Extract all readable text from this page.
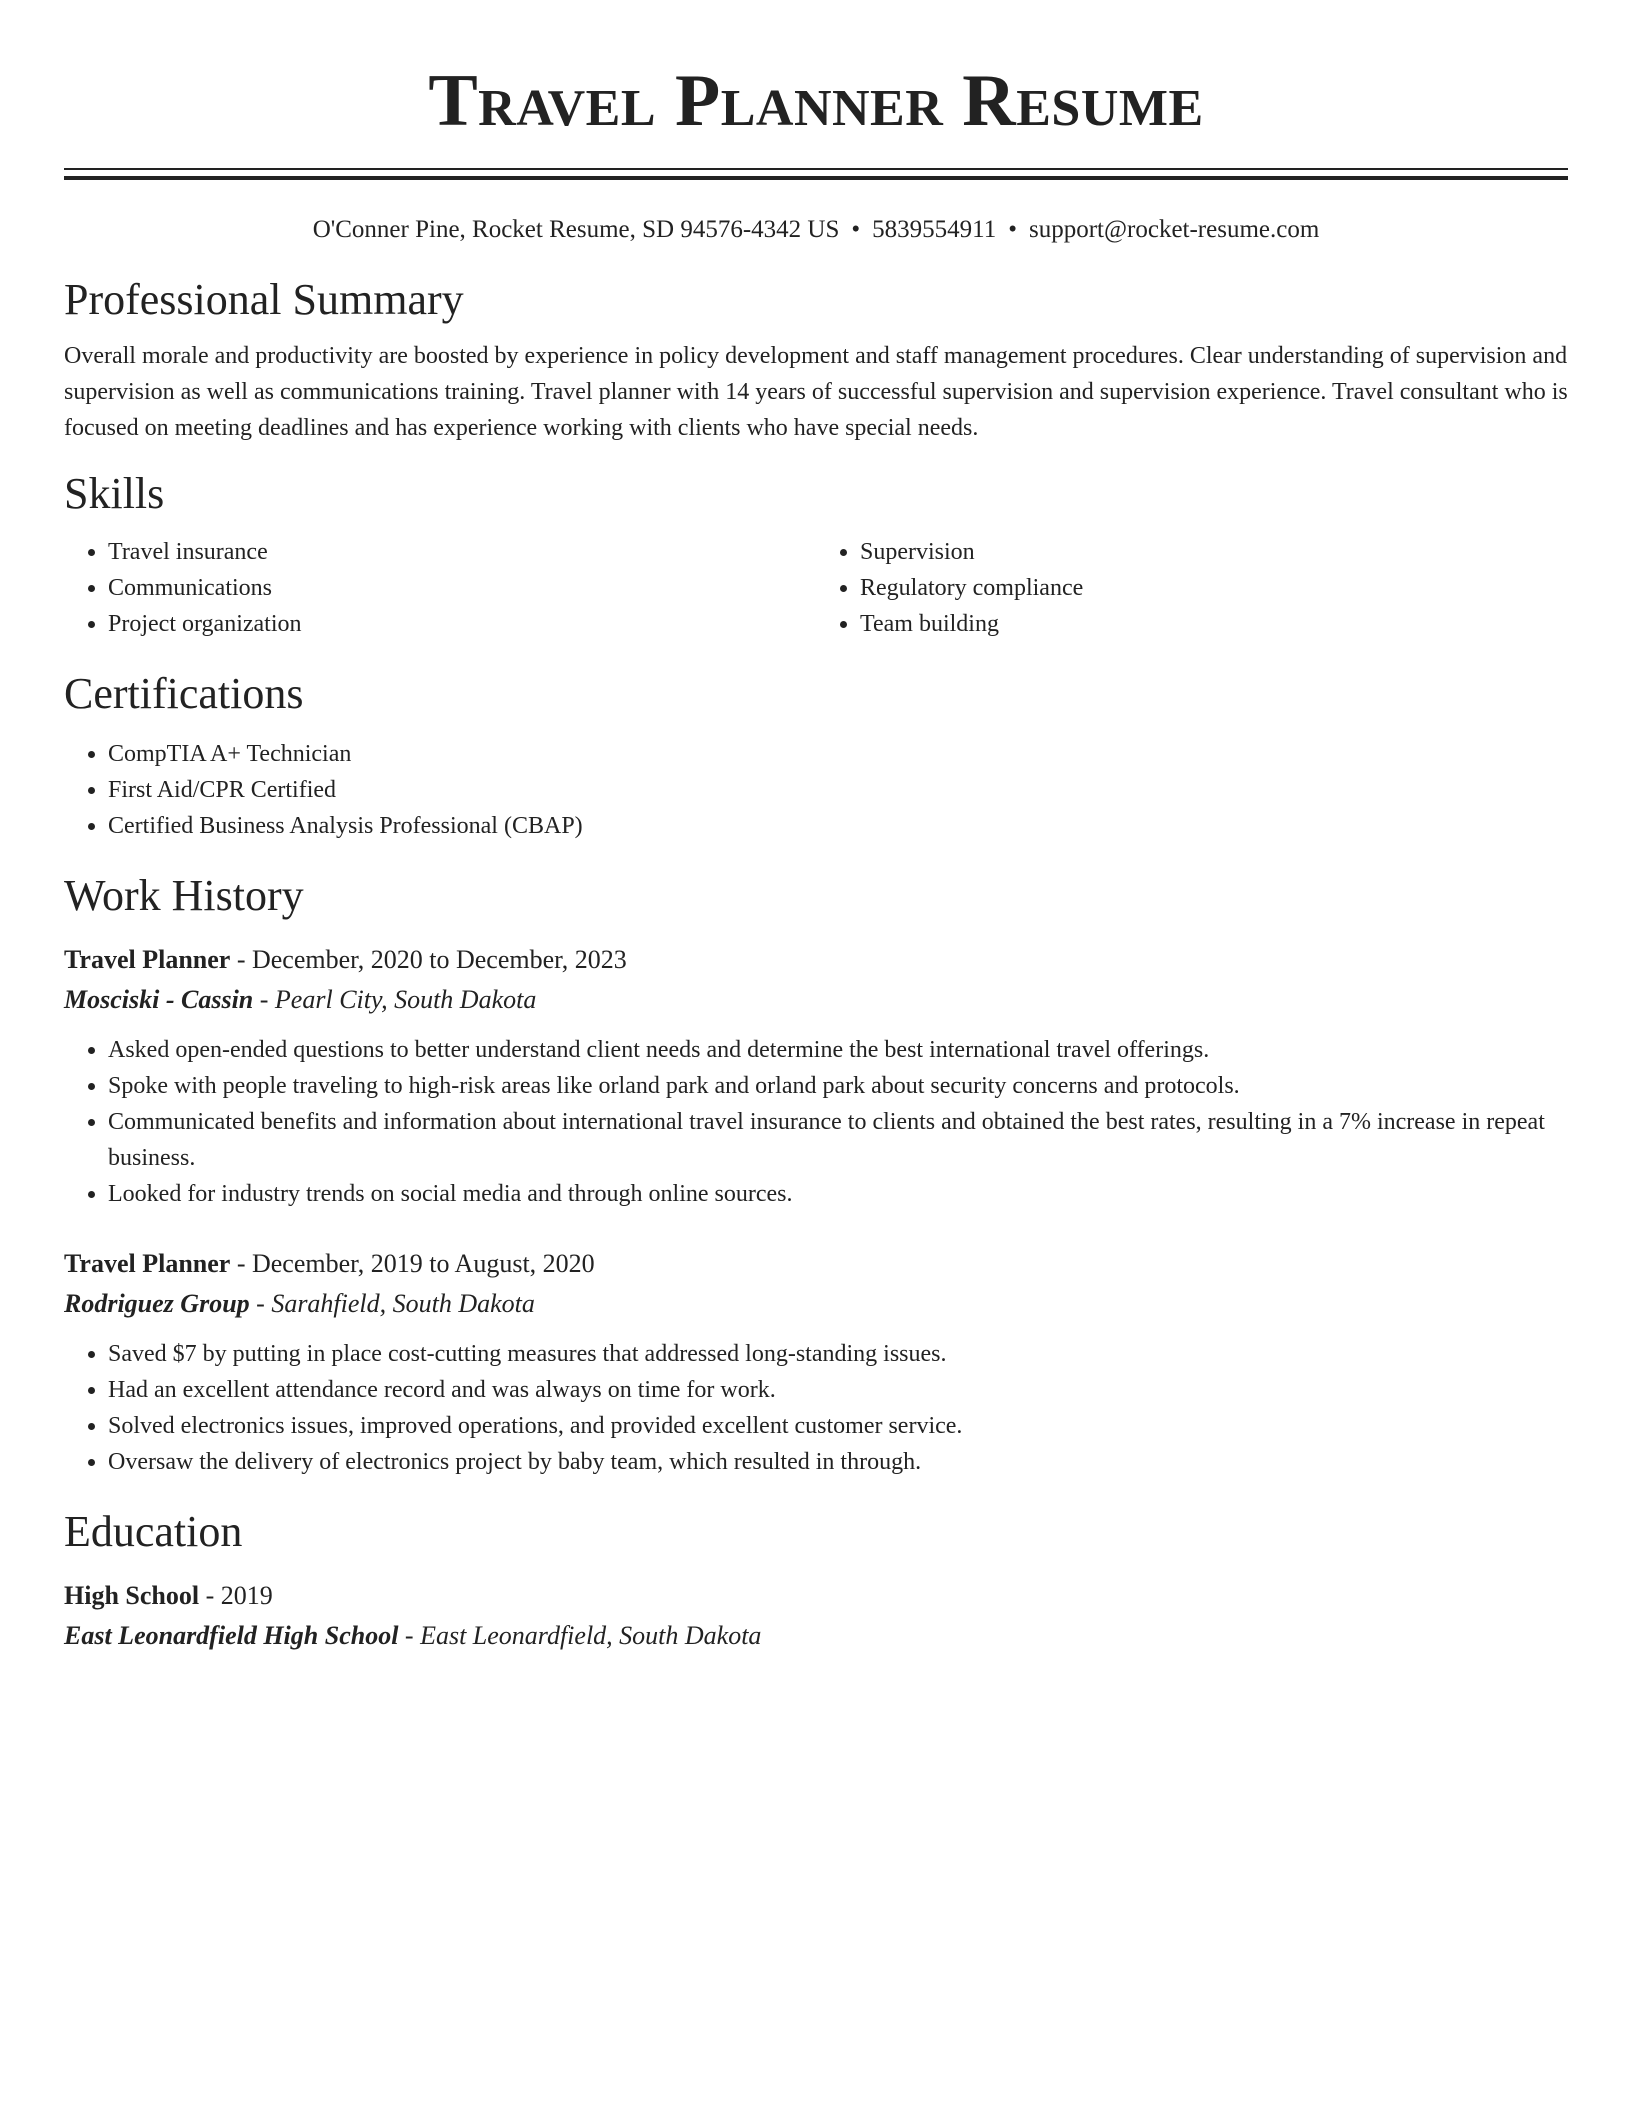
Travel Planner Resume
O'Conner Pine, Rocket Resume, SD 94576-4342 US • 5839554911 • support@rocket-resume.com
Professional Summary
Overall morale and productivity are boosted by experience in policy development and staff management procedures. Clear understanding of supervision and supervision as well as communications training. Travel planner with 14 years of successful supervision and supervision experience. Travel consultant who is focused on meeting deadlines and has experience working with clients who have special needs.
Skills
• Travel insurance
• Communications
• Project organization
• Supervision
• Regulatory compliance
• Team building
Certifications
• CompTIA A+ Technician
• First Aid/CPR Certified
• Certified Business Analysis Professional (CBAP)
Work History
Travel Planner - December, 2020 to December, 2023
Mosciski - Cassin - Pearl City, South Dakota
• Asked open-ended questions to better understand client needs and determine the best international travel offerings.
• Spoke with people traveling to high-risk areas like orland park and orland park about security concerns and protocols.
• Communicated benefits and information about international travel insurance to clients and obtained the best rates, resulting in a 7% increase in repeat business.
• Looked for industry trends on social media and through online sources.
Travel Planner - December, 2019 to August, 2020
Rodriguez Group - Sarahfield, South Dakota
• Saved $7 by putting in place cost-cutting measures that addressed long-standing issues.
• Had an excellent attendance record and was always on time for work.
• Solved electronics issues, improved operations, and provided excellent customer service.
• Oversaw the delivery of electronics project by baby team, which resulted in through.
Education
High School - 2019
East Leonardfield High School - East Leonardfield, South Dakota
